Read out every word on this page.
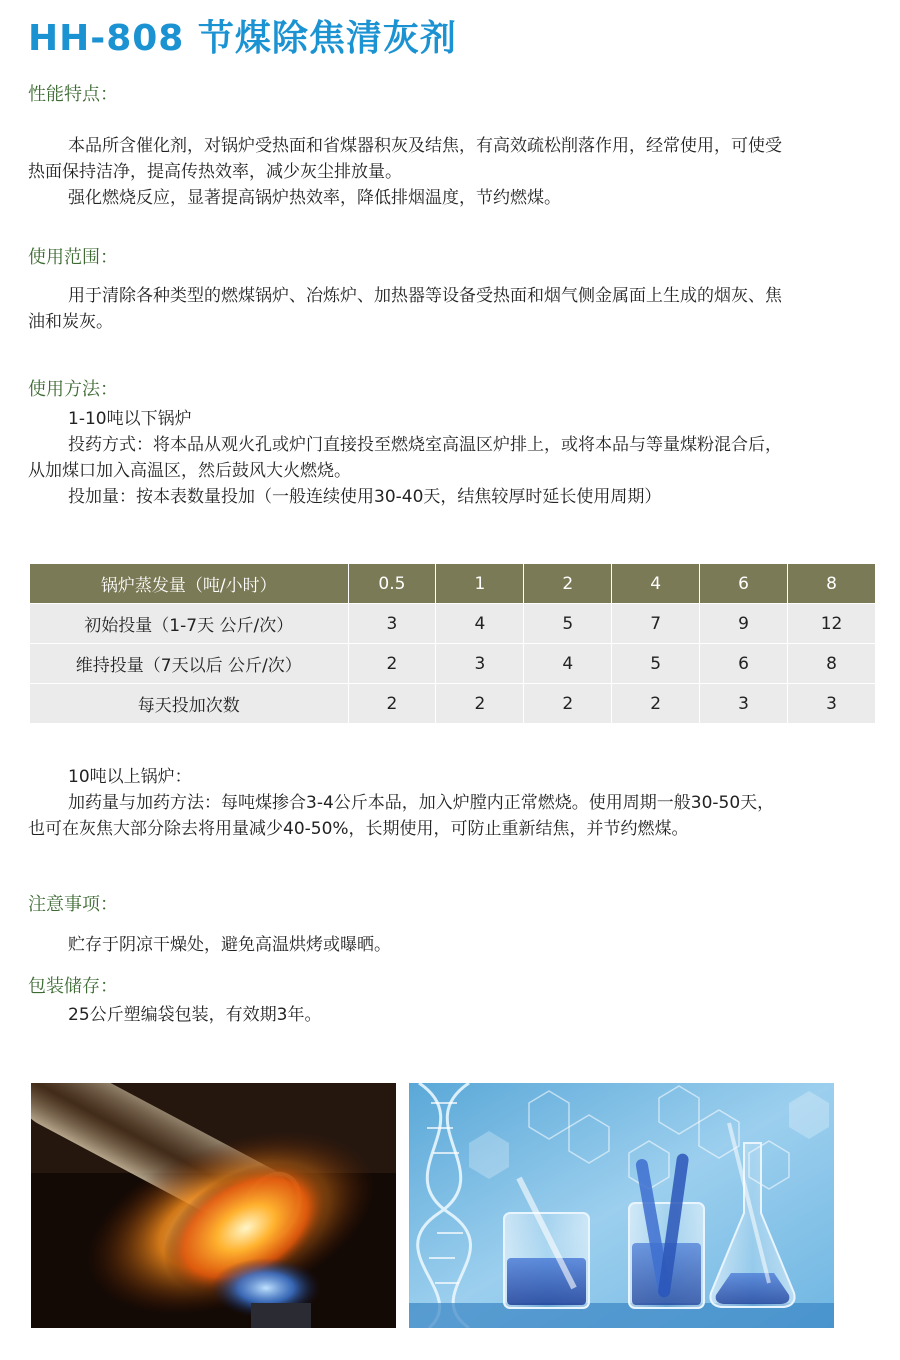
HH-808 节煤除焦清灰剂
性能特点：

本品所含催化剂，对锅炉受热面和省煤器积灰及结焦，有高效疏松削落作用，经常使用，可使受热面保持洁净，提高传热效率，减少灰尘排放量。

强化燃烧反应，显著提高锅炉热效率，降低排烟温度，节约燃煤。

使用范围：

用于清除各种类型的燃煤锅炉、冶炼炉、加热器等设备受热面和烟气侧金属面上生成的烟灰、焦油和炭灰。

使用方法：

1-10吨以下锅炉

投药方式：将本品从观火孔或炉门直接投至燃烧室高温区炉排上，或将本品与等量煤粉混合后，从加煤口加入高温区，然后鼓风大火燃烧。

投加量：按本表数量投加（一般连续使用30-40天，结焦较厚时延长使用周期）

锅炉蒸发量（吨/小时）	0.5	1	2	4	6	8
初始投量（1-7天 公斤/次）	3	4	5	7	9	12
维持投量（7天以后 公斤/次）	2	3	4	5	6	8
每天投加次数	2	2	2	2	3	3

10吨以上锅炉：

加药量与加药方法：每吨煤掺合3-4公斤本品，加入炉膛内正常燃烧。使用周期一般30-50天，也可在灰焦大部分除去将用量减少40-50%，长期使用，可防止重新结焦，并节约燃煤。

注意事项：

贮存于阴凉干燥处，避免高温烘烤或曝晒。

包装储存：

25公斤塑编袋包装，有效期3年。
